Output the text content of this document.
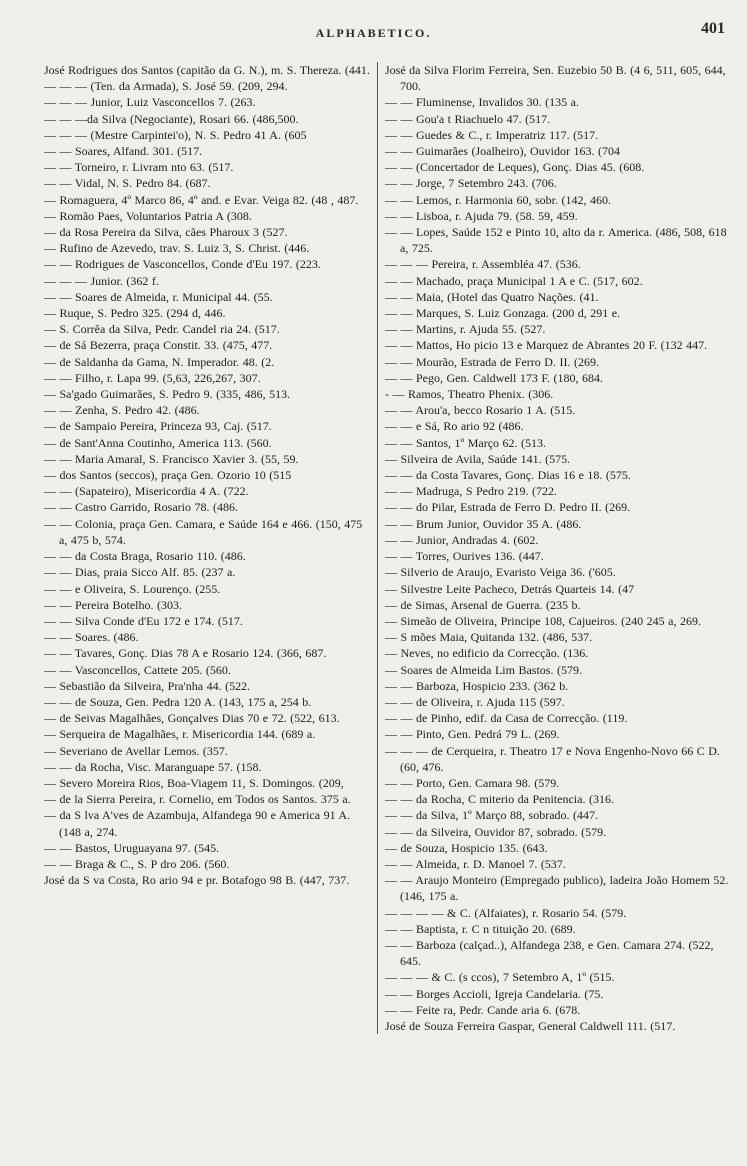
ALPHABETICO.	401

José Rodrigues dos Santos (capitão da G. N.), m. S. Thereza. (441.

— — — (Ten. da Armada), S. José 59. (209, 294.

— — — Junior, Luiz Vasconcellos 7. (263.

— — —da Silva (Negociante), Rosari 66. (486,500.

— — — (Mestre Carpintei'o), N. S. Pedro 41 A. (605

— — Soares, Alfand. 301. (517.

— — Torneiro, r. Livram nto 63. (517.

— — Vidal, N. S. Pedro 84. (687.

— Romaguera, 4º Marco 86, 4º and. e Evar. Veiga 82. (48 , 487.

— Romão Paes, Voluntarios Patria A (308.

— da Rosa Pereira da Silva, cães Pharoux 3 (527.

— Rufino de Azevedo, trav. S. Luiz 3, S. Christ. (446.

— — Rodrigues de Vasconcellos, Conde d'Eu 197. (223.

— — — Junior. (362 f.

— — Soares de Almeida, r. Municipal 44. (55.

— Ruque, S. Pedro 325. (294 d, 446.

— S. Corrêa da Silva, Pedr. Candel ria 24. (517.

— de Sá Bezerra, praça Constit. 33. (475, 477.

— de Saldanha da Gama, N. Imperador. 48. (2.

— — Filho, r. Lapa 99. (5,63, 226,267, 307.

— Sa'gado Guimarães, S. Pedro 9. (335, 486, 513.

— — Zenha, S. Pedro 42. (486.

— de Sampaio Pereira, Princeza 93, Caj. (517.

— de Sant'Anna Coutinho, America 113. (560.

— — Maria Amaral, S. Francisco Xavier 3. (55, 59.

— dos Santos (seccos), praça Gen. Ozorio 10 (515

— — (Sapateiro), Misericordia 4 A. (722.

— — Castro Garrido, Rosario 78. (486.

— — Colonia, praça Gen. Camara, e Saúde 164 e 466. (150, 475 a, 475 b, 574.

— — da Costa Braga, Rosario 110. (486.

— — Dias, praia Sicco Alf. 85. (237 a.

— — e Oliveira, S. Lourenço. (255.

— — Pereira Botelho. (303.

— — Silva Conde d'Eu 172 e 174. (517.

— — Soares. (486.

— — Tavares, Gonç. Dias 78 A e Rosario 124. (366, 687.

— — Vasconcellos, Cattete 205. (560.

— Sebastião da Silveira, Pra'nha 44. (522.

— — de Souza, Gen. Pedra 120 A. (143, 175 a, 254 b.

— de Seivas Magalhães, Gonçalves Dias 70 e 72. (522, 613.

— Serqueira de Magalhães, r. Misericordia 144. (689 a.

— Severiano de Avellar Lemos. (357.

— — da Rocha, Visc. Maranguape 57. (158.

— Severo Moreira Rios, Boa-Viagem 11, S. Domingos. (209,

— de la Sierra Pereira, r. Cornelio, em Todos os Santos. 375 a.

— da S lva A'ves de Azambuja, Alfandega 90 e America 91 A. (148 a, 274.

— — Bastos, Uruguayana 97. (545.

— — Braga & C., S. P dro 206. (560.

José da S va Costa, Ro ario 94 e pr. Botafogo 98 B. (447, 737.

José da Silva Florim Ferreira, Sen. Euzebio 50 B. (4 6, 511, 605, 644, 700.

— — Fluminense, Invalidos 30. (135 a.

— — Gou'a t Riachuelo 47. (517.

— — Guedes & C., r. Imperatriz 117. (517.

— — Guimarães (Joalheiro), Ouvidor 163. (704

— — (Concertador de Leques), Gonç. Dias 45. (608.

— — Jorge, 7 Setembro 243. (706.

— — Lemos, r. Harmonia 60, sobr. (142, 460.

— — Lisboa, r. Ajuda 79. (58. 59, 459.

— — Lopes, Saúde 152 e Pinto 10, alto da r. America. (486, 508, 618 a, 725.

— — — Pereira, r. Assembléa 47. (536.

— — Machado, praça Municipal 1 A e C. (517, 602.

— — Maia, (Hotel das Quatro Nações. (41.

— — Marques, S. Luiz Gonzaga. (200 d, 291 e.

— — Martins, r. Ajuda 55. (527.

— — Mattos, Ho picio 13 e Marquez de Abrantes 20 F. (132 447.

— — Mourão, Estrada de Ferro D. II. (269.

— — Pego, Gen. Caldwell 173 F. (180, 684.

- — Ramos, Theatro Phenix. (306.

— — Arou'a, becco Rosario 1 A. (515.

— — e Sá, Ro ario 92 (486.

— — Santos, 1º Março 62. (513.

— Silveira de Avila, Saúde 141. (575.

— — da Costa Tavares, Gonç. Dias 16 e 18. (575.

— — Madruga, S Pedro 219. (722.

— — do Pilar, Estrada de Ferro D. Pedro II. (269.

— — Brum Junior, Ouvidor 35 A. (486.

— — Junior, Andradas 4. (602.

— — Torres, Ourives 136. (447.

— Silverio de Araujo, Evaristo Veiga 36. ('605.

— Silvestre Leite Pacheco, Detrás Quarteis 14. (47

— de Simas, Arsenal de Guerra. (235 b.

— Simeão de Oliveira, Principe 108, Cajueiros. (240 245 a, 269.

— S mões Maia, Quitanda 132. (486, 537.

— Neves, no edificio da Correcção. (136.

— Soares de Almeida Lim Bastos. (579.

— — Barboza, Hospicio 233. (362 b.

— — de Oliveira, r. Ajuda 115 (597.

— — de Pinho, edif. da Casa de Correcção. (119.

— — Pinto, Gen. Pedrá 79 L. (269.

— — — de Cerqueira, r. Theatro 17 e Nova Engenho-Novo 66 C D. (60, 476.

— — Porto, Gen. Camara 98. (579.

— — da Rocha, C miterio da Penitencia. (316.

— — da Silva, 1º Março 88, sobrado. (447.

— — da Silveira, Ouvidor 87, sobrado. (579.

— de Souza, Hospicio 135. (643.

— — Almeida, r. D. Manoel 7. (537.

— — Araujo Monteiro (Empregado publico), ladeira João Homem 52. (146, 175 a.

— — — — & C. (Alfaiates), r. Rosario 54. (579.

— — Baptista, r. C n tituição 20. (689.

— — Barboza (calçad..), Alfandega 238, e Gen. Camara 274. (522, 645.

— — — & C. (s ccos), 7 Setembro A, 1º (515.

— — Borges Accioli, Igreja Candelaria. (75.

— — Feite ra, Pedr. Cande aria 6. (678.

José de Souza Ferreira Gaspar, General Caldwell 111. (517.
